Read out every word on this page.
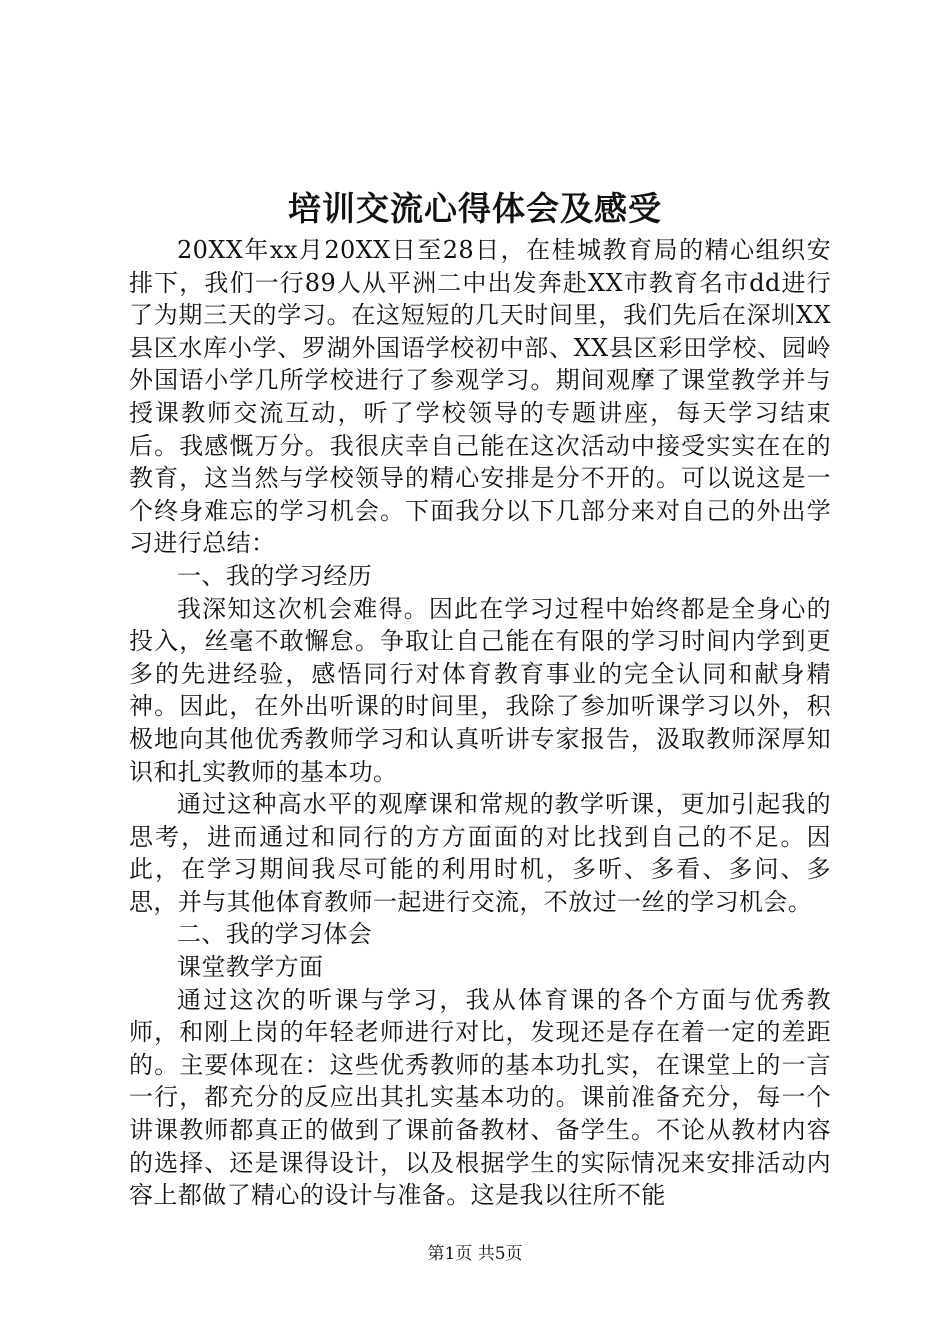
培训交流心得体会及感受

20XX年xx月20XX日至28日，在桂城教育局的精心组织安排下，我们一行89人从平洲二中出发奔赴XX市教育名市dd进行了为期三天的学习。在这短短的几天时间里，我们先后在深圳XX县区水库小学、罗湖外国语学校初中部、XX县区彩田学校、园岭外国语小学几所学校进行了参观学习。期间观摩了课堂教学并与授课教师交流互动，听了学校领导的专题讲座，每天学习结束后。我感慨万分。我很庆幸自己能在这次活动中接受实实在在的教育，这当然与学校领导的精心安排是分不开的。可以说这是一个终身难忘的学习机会。下面我分以下几部分来对自己的外出学习进行总结：

一、我的学习经历

我深知这次机会难得。因此在学习过程中始终都是全身心的投入，丝毫不敢懈怠。争取让自己能在有限的学习时间内学到更多的先进经验，感悟同行对体育教育事业的完全认同和献身精神。因此，在外出听课的时间里，我除了参加听课学习以外，积极地向其他优秀教师学习和认真听讲专家报告，汲取教师深厚知识和扎实教师的基本功。

通过这种高水平的观摩课和常规的教学听课，更加引起我的思考，进而通过和同行的方方面面的对比找到自己的不足。因此，在学习期间我尽可能的利用时机，多听、多看、多问、多思，并与其他体育教师一起进行交流，不放过一丝的学习机会。

二、我的学习体会

课堂教学方面

通过这次的听课与学习，我从体育课的各个方面与优秀教师，和刚上岗的年轻老师进行对比，发现还是存在着一定的差距的。主要体现在：这些优秀教师的基本功扎实，在课堂上的一言一行，都充分的反应出其扎实基本功的。课前准备充分，每一个讲课教师都真正的做到了课前备教材、备学生。不论从教材内容的选择、还是课得设计，以及根据学生的实际情况来安排活动内容上都做了精心的设计与准备。这是我以往所不能

第1页 共5页
